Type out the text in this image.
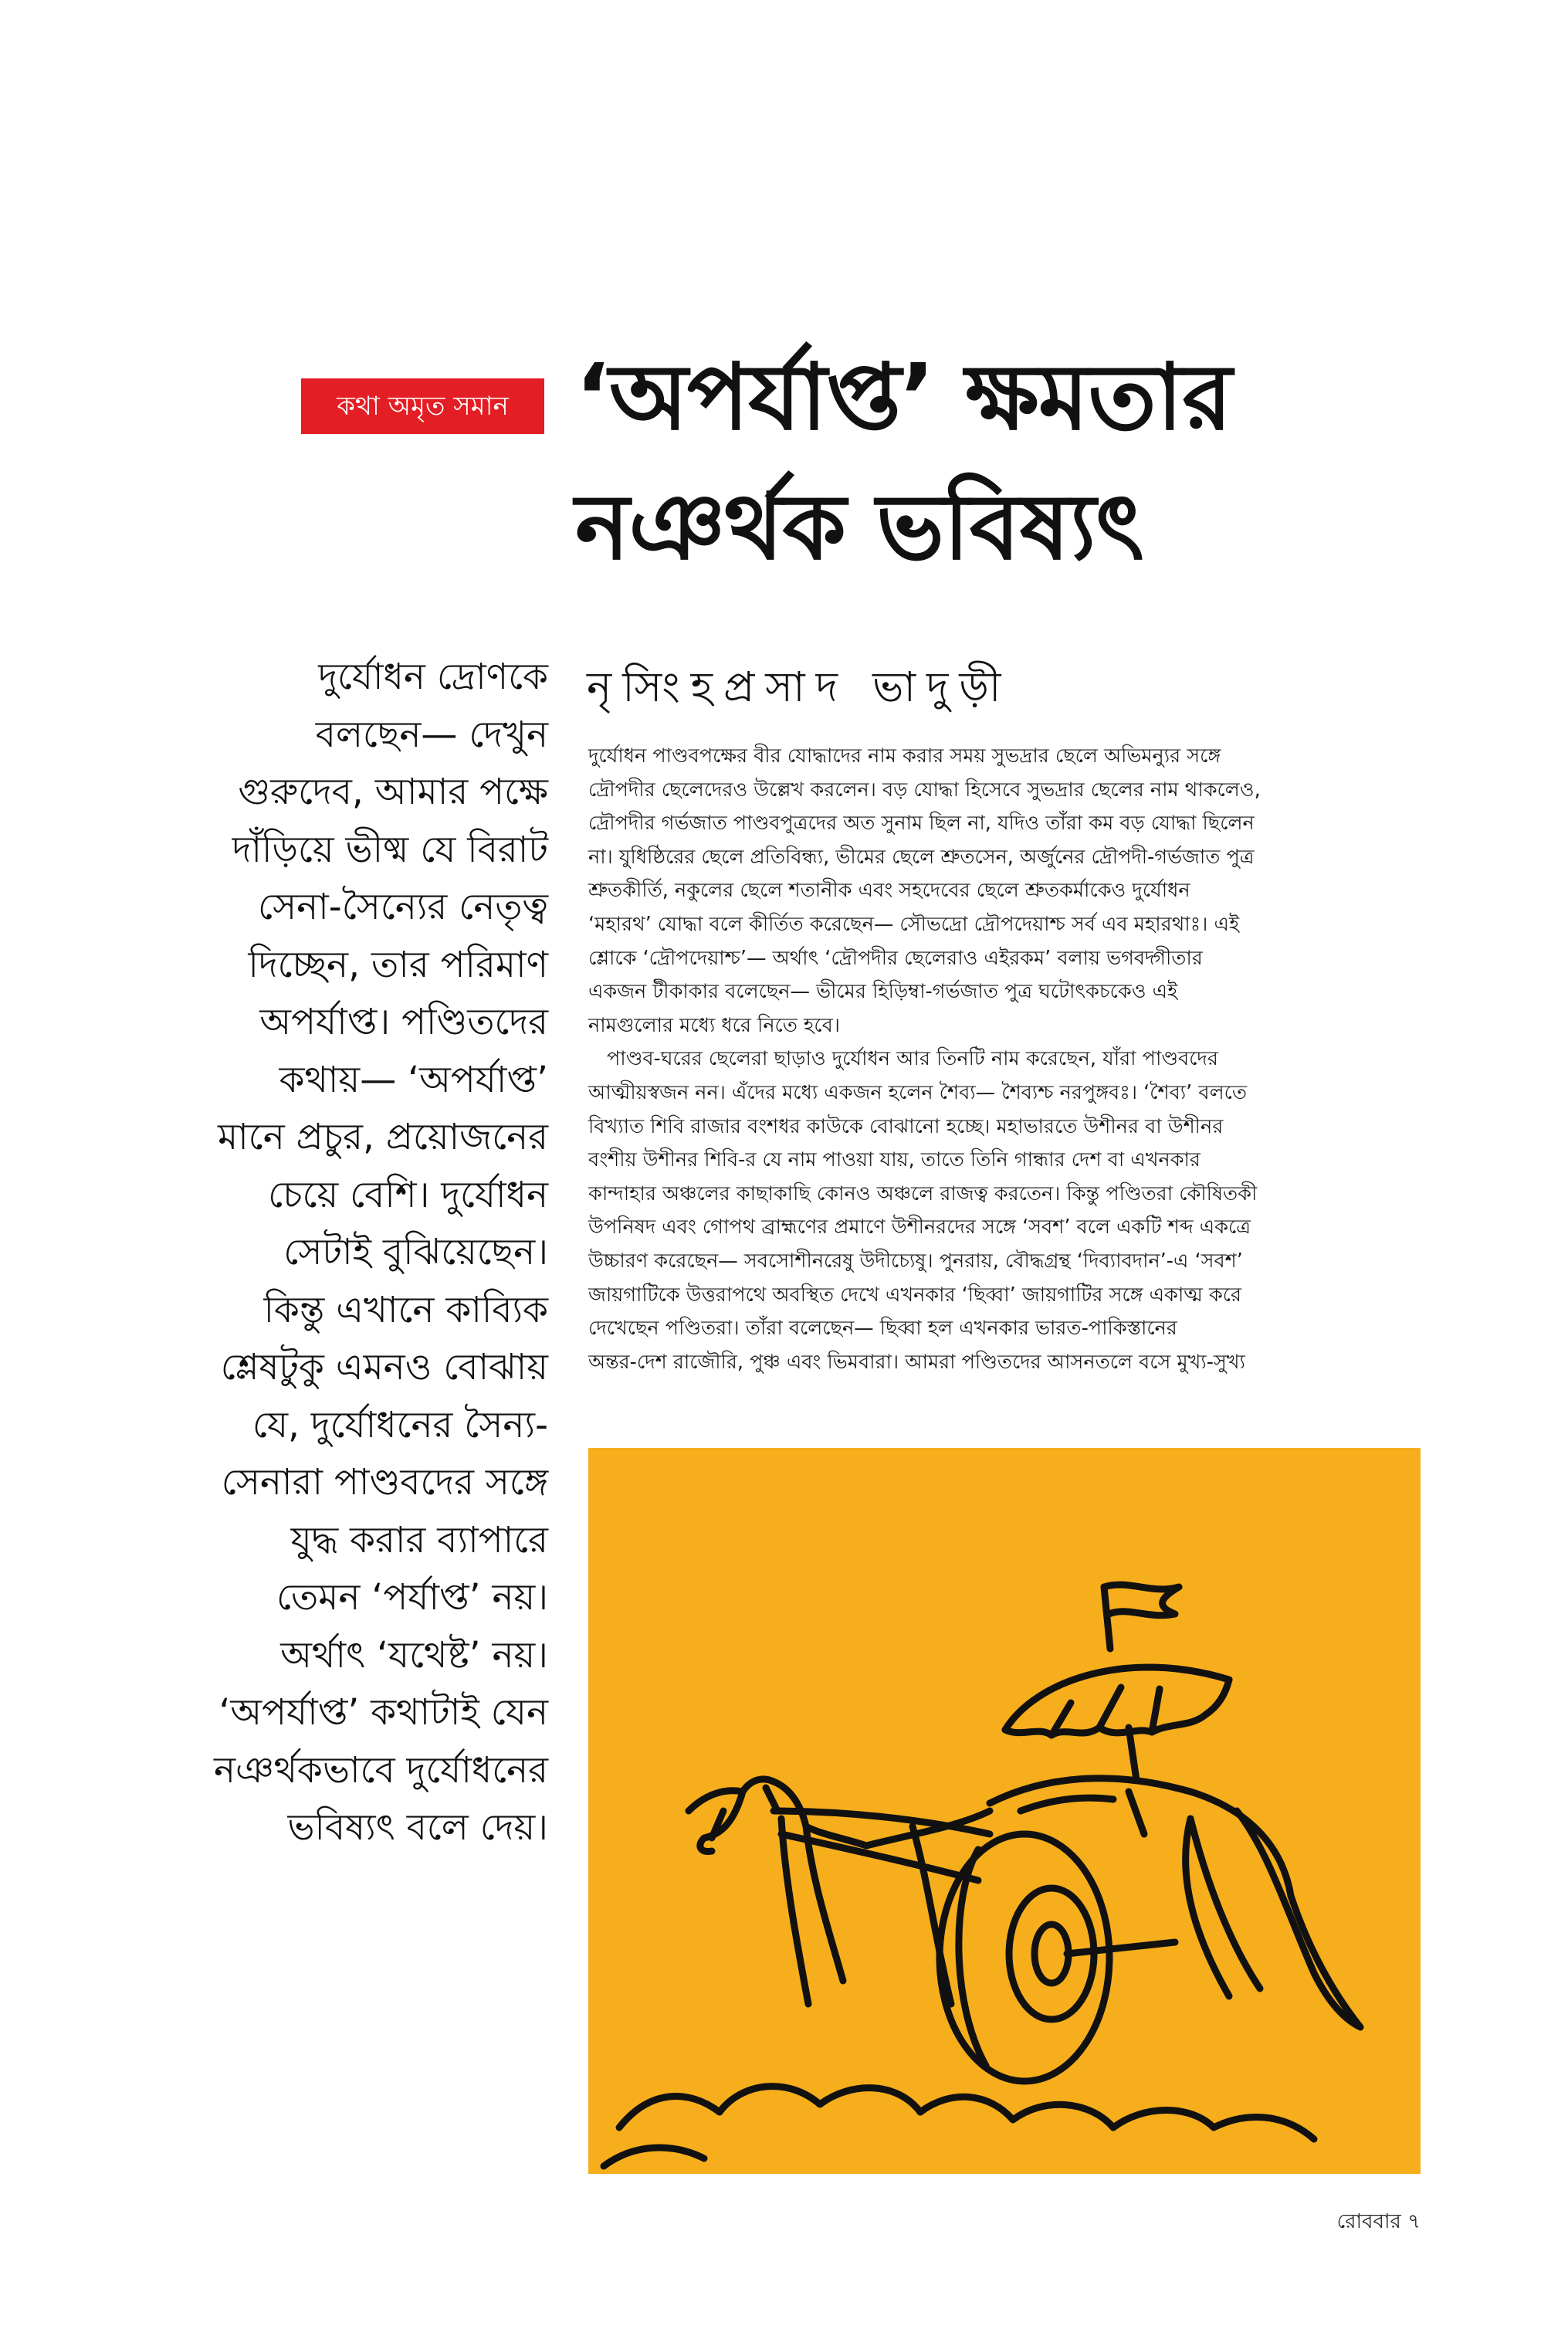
কথা অমৃত সমান ‘অপর্যাপ্ত’ ক্ষমতার
নঞর্থক ভবিষ্যৎ
নৃসিংহপ্রসাদ ভাদুড়ী
দুর্যোধন দ্রোণকে
বলছেন— দেখুন
গুরুদেব, আমার পক্ষে
দাঁড়িয়ে ভীষ্ম যে বিরাট
সেনা-সৈন্যের নেতৃত্ব
দিচ্ছেন, তার পরিমাণ
অপর্যাপ্ত। পণ্ডিতদের
কথায়— ‘অপর্যাপ্ত’
মানে প্রচুর, প্রয়োজনের
চেয়ে বেশি। দুর্যোধন
সেটাই বুঝিয়েছেন।
কিন্তু এখানে কাব্যিক
শ্লেষটুকু এমনও বোঝায়
যে, দুর্যোধনের সৈন্য-
সেনারা পাণ্ডবদের সঙ্গে
যুদ্ধ করার ব্যাপারে
তেমন ‘পর্যাপ্ত’ নয়।
অর্থাৎ ‘যথেষ্ট’ নয়।
‘অপর্যাপ্ত’ কথাটাই যেন
নঞর্থকভাবে দুর্যোধনের
ভবিষ্যৎ বলে দেয়।
দুর্যোধন পাণ্ডবপক্ষের বীর যোদ্ধাদের নাম করার সময় সুভদ্রার ছেলে অভিমন্যুর সঙ্গে
দ্রৌপদীর ছেলেদেরও উল্লেখ করলেন। বড় যোদ্ধা হিসেবে সুভদ্রার ছেলের নাম থাকলেও,
দ্রৌপদীর গর্ভজাত পাণ্ডবপুত্রদের অত সুনাম ছিল না, যদিও তাঁরা কম বড় যোদ্ধা ছিলেন
না। যুধিষ্ঠিরের ছেলে প্রতিবিন্ধ্য, ভীমের ছেলে শ্রুতসেন, অর্জুনের দ্রৌপদী-গর্ভজাত পুত্র
শ্রুতকীর্তি, নকুলের ছেলে শতানীক এবং সহদেবের ছেলে শ্রুতকর্মাকেও দুর্যোধন
‘মহারথ’ যোদ্ধা বলে কীর্তিত করেছেন— সৌভদ্রো দ্রৌপদেয়াশ্চ সর্ব এব মহারথাঃ। এই
শ্লোকে ‘দ্রৌপদেয়াশ্চ’— অর্থাৎ ‘দ্রৌপদীর ছেলেরাও এইরকম’ বলায় ভগবদ্গীতার
একজন টীকাকার বলেছেন— ভীমের হিড়িম্বা-গর্ভজাত পুত্র ঘটোৎকচকেও এই
নামগুলোর মধ্যে ধরে নিতে হবে।
পাণ্ডব-ঘরের ছেলেরা ছাড়াও দুর্যোধন আর তিনটি নাম করেছেন, যাঁরা পাণ্ডবদের
আত্মীয়স্বজন নন। এঁদের মধ্যে একজন হলেন শৈব্য— শৈব্যশ্চ নরপুঙ্গবঃ। ‘শৈব্য’ বলতে
বিখ্যাত শিবি রাজার বংশধর কাউকে বোঝানো হচ্ছে। মহাভারতে উশীনর বা উশীনর
বংশীয় উশীনর শিবি-র যে নাম পাওয়া যায়, তাতে তিনি গান্ধার দেশ বা এখনকার
কান্দাহার অঞ্চলের কাছাকাছি কোনও অঞ্চলে রাজত্ব করতেন। কিন্তু পণ্ডিতরা কৌষিতকী
উপনিষদ এবং গোপথ ব্রাহ্মণের প্রমাণে উশীনরদের সঙ্গে ‘সবশ’ বলে একটি শব্দ একত্রে
উচ্চারণ করেছেন— সবসোশীনরেষু উদীচ্যেষু। পুনরায়, বৌদ্ধগ্রন্থ ‘দিব্যাবদান’-এ ‘সবশ’
জায়গাটিকে উত্তরাপথে অবস্থিত দেখে এখনকার ‘ছিব্বা’ জায়গাটির সঙ্গে একাত্ম করে
দেখেছেন পণ্ডিতরা। তাঁরা বলেছেন— ছিব্বা হল এখনকার ভারত-পাকিস্তানের
অন্তর-দেশ রাজৌরি, পুঞ্চ এবং ভিমবারা। আমরা পণ্ডিতদের আসনতলে বসে মুখ্য-সুখ্য
রোববার ৭
